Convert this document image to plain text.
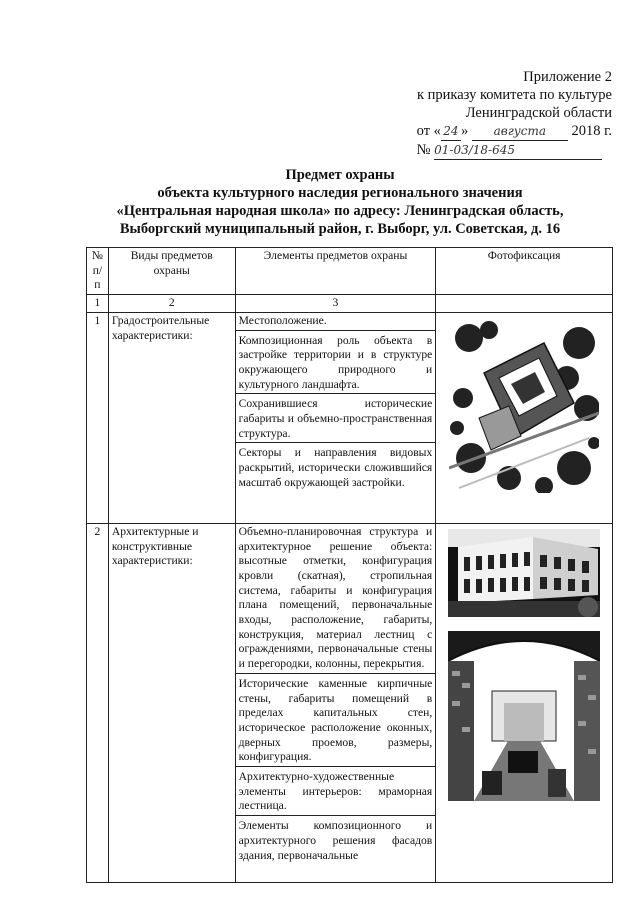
Приложение 2
к приказу комитета по культуре
Ленинградской области
от « 24 » августа 2018 г.
№ 01-03/18-645
Предмет охраны
объекта культурного наследия регионального значения
«Центральная народная школа» по адресу: Ленинградская область,
Выборгский муниципальный район, г. Выборг, ул. Советская, д. 16
№ п/п	Виды предметов охраны	Элементы предметов охраны	Фотофиксация
1	2	3	
1	Градостроительные характеристики:	Местоположение.
Композиционная роль объекта в застройке территории и в структуре окружающего природного и культурного ландшафта.
Сохранившиеся исторические габариты и объемно-пространственная структура.
Секторы и направления видовых раскрытий, исторически сложившийся масштаб окружающей застройки.

2	Архитектурные и конструктивные характеристики:	Объемно-планировочная структура и архитектурное решение объекта: высотные отметки, конфигурация кровли (скатная), стропильная система, габариты и конфигурация плана помещений, первоначальные входы, расположение, габариты, конструкция, материал лестниц с ограждениями, первоначальные стены и перегородки, колонны, перекрытия.
Исторические каменные кирпичные стены, габариты помещений в пределах капитальных стен, историческое расположение оконных, дверных проемов, размеры, конфигурация.
Архитектурно-художественные элементы интерьеров: мраморная лестница.
Элементы композиционного и архитектурного решения фасадов здания, первоначальные
